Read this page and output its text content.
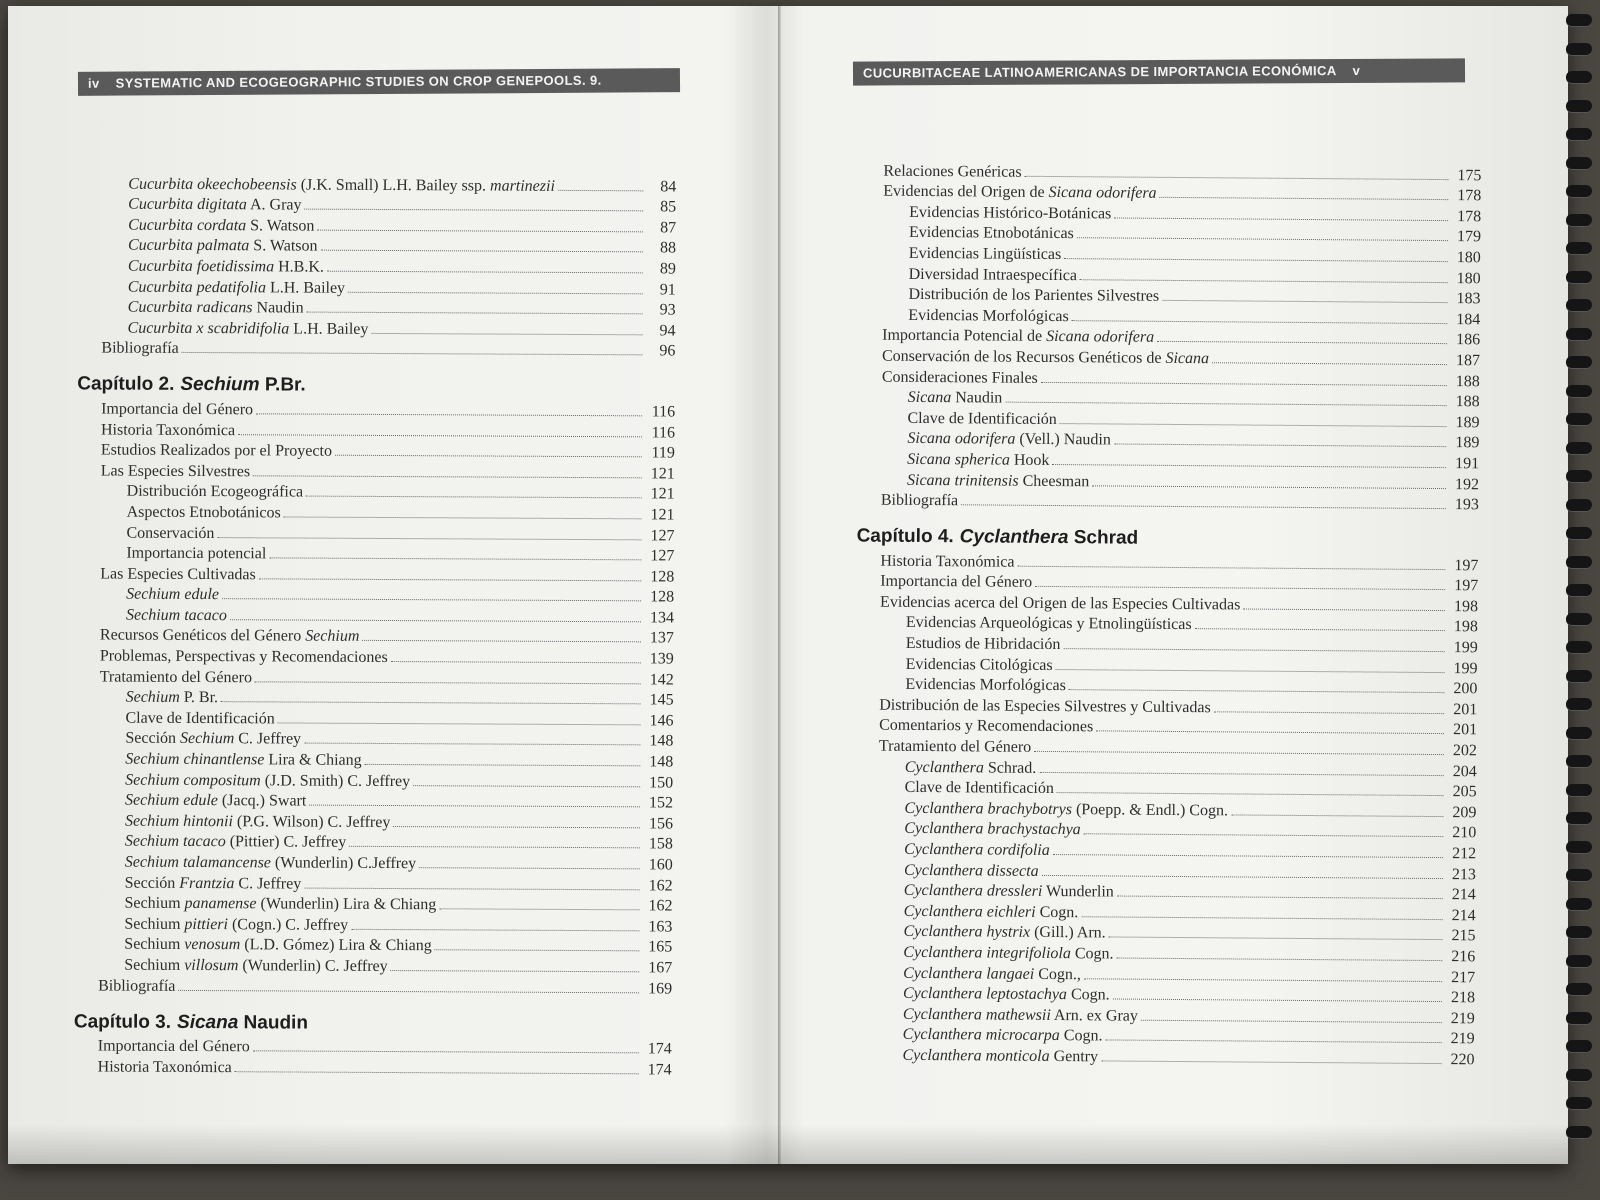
iv SYSTEMATIC AND ECOGEOGRAPHIC STUDIES ON CROP GENEPOOLS. 9.
Cucurbita okeechobeensis (J.K. Small) L.H. Bailey ssp. martinezii	84
Cucurbita digitata A. Gray	85
Cucurbita cordata S. Watson	87
Cucurbita palmata S. Watson	88
Cucurbita foetidissima H.B.K.	89
Cucurbita pedatifolia L.H. Bailey	91
Cucurbita radicans Naudin	93
Cucurbita x scabridifolia L.H. Bailey	94
Bibliografía	96
Capítulo 2. Sechium P.Br.
Importancia del Género	116
Historia Taxonómica	116
Estudios Realizados por el Proyecto	119
Las Especies Silvestres	121
Distribución Ecogeográfica	121
Aspectos Etnobotánicos	121
Conservación	127
Importancia potencial	127
Las Especies Cultivadas	128
Sechium edule	128
Sechium tacaco	134
Recursos Genéticos del Género Sechium	137
Problemas, Perspectivas y Recomendaciones	139
Tratamiento del Género	142
Sechium P. Br.	145
Clave de Identificación	146
Sección Sechium C. Jeffrey	148
Sechium chinantlense Lira & Chiang	148
Sechium compositum (J.D. Smith) C. Jeffrey	150
Sechium edule (Jacq.) Swart	152
Sechium hintonii (P.G. Wilson) C. Jeffrey	156
Sechium tacaco (Pittier) C. Jeffrey	158
Sechium talamancense (Wunderlin) C.Jeffrey	160
Sección Frantzia C. Jeffrey	162
Sechium panamense (Wunderlin) Lira & Chiang	162
Sechium pittieri (Cogn.) C. Jeffrey	163
Sechium venosum (L.D. Gómez) Lira & Chiang	165
Sechium villosum (Wunderlin) C. Jeffrey	167
Bibliografía	169
Capítulo 3. Sicana Naudin
Importancia del Género	174
Historia Taxonómica	174
CUCURBITACEAE LATINOAMERICANAS DE IMPORTANCIA ECONÓMICA v
Relaciones Genéricas	175
Evidencias del Origen de Sicana odorifera	178
Evidencias Histórico-Botánicas	178
Evidencias Etnobotánicas	179
Evidencias Lingüísticas	180
Diversidad Intraespecífica	180
Distribución de los Parientes Silvestres	183
Evidencias Morfológicas	184
Importancia Potencial de Sicana odorifera	186
Conservación de los Recursos Genéticos de Sicana	187
Consideraciones Finales	188
Sicana Naudin	188
Clave de Identificación	189
Sicana odorifera (Vell.) Naudin	189
Sicana spherica Hook	191
Sicana trinitensis Cheesman	192
Bibliografía	193
Capítulo 4. Cyclanthera Schrad
Historia Taxonómica	197
Importancia del Género	197
Evidencias acerca del Origen de las Especies Cultivadas	198
Evidencias Arqueológicas y Etnolingüísticas	198
Estudios de Hibridación	199
Evidencias Citológicas	199
Evidencias Morfológicas	200
Distribución de las Especies Silvestres y Cultivadas	201
Comentarios y Recomendaciones	201
Tratamiento del Género	202
Cyclanthera Schrad.	204
Clave de Identificación	205
Cyclanthera brachybotrys (Poepp. & Endl.) Cogn.	209
Cyclanthera brachystachya	210
Cyclanthera cordifolia	212
Cyclanthera dissecta	213
Cyclanthera dressleri Wunderlin	214
Cyclanthera eichleri Cogn.	214
Cyclanthera hystrix (Gill.) Arn.	215
Cyclanthera integrifoliola Cogn.	216
Cyclanthera langaei Cogn.,	217
Cyclanthera leptostachya Cogn.	218
Cyclanthera mathewsii Arn. ex Gray	219
Cyclanthera microcarpa Cogn.	219
Cyclanthera monticola Gentry	220
